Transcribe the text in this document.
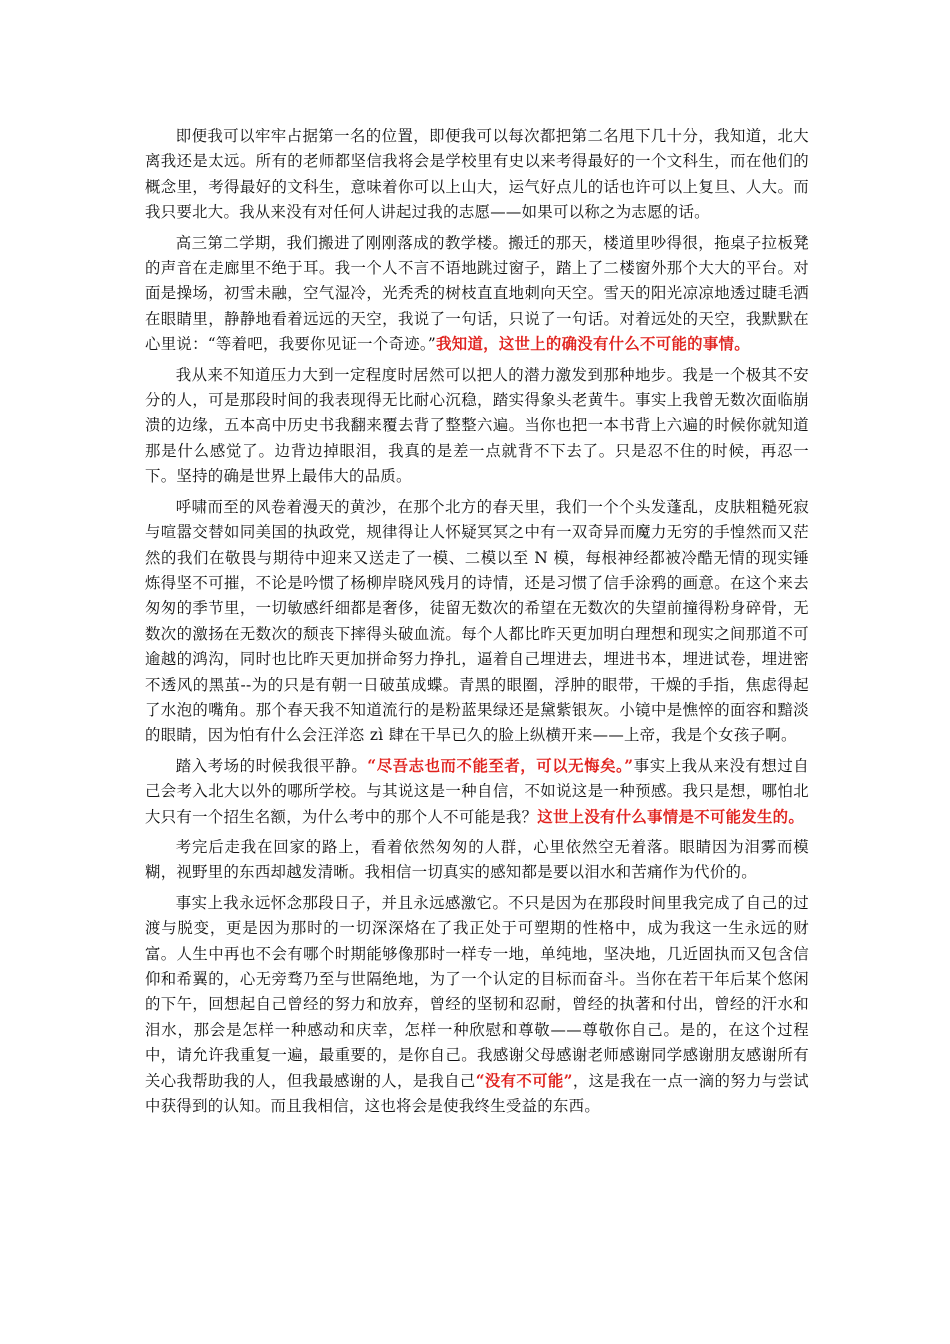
即便我可以牢牢占据第一名的位置，即便我可以每次都把第二名甩下几十分，我知道，北大离我还是太远。所有的老师都坚信我将会是学校里有史以来考得最好的一个文科生，而在他们的概念里，考得最好的文科生，意味着你可以上山大，运气好点儿的话也许可以上复旦、人大。而我只要北大。我从来没有对任何人讲起过我的志愿——如果可以称之为志愿的话。

高三第二学期，我们搬进了刚刚落成的教学楼。搬迁的那天，楼道里吵得很，拖桌子拉板凳的声音在走廊里不绝于耳。我一个人不言不语地跳过窗子，踏上了二楼窗外那个大大的平台。对面是操场，初雪未融，空气湿冷，光秃秃的树枝直直地刺向天空。雪天的阳光凉凉地透过睫毛洒在眼睛里，静静地看着远远的天空，我说了一句话，只说了一句话。对着远处的天空，我默默在心里说：“等着吧，我要你见证一个奇迹。”我知道，这世上的确没有什么不可能的事情。

我从来不知道压力大到一定程度时居然可以把人的潜力激发到那种地步。我是一个极其不安分的人，可是那段时间的我表现得无比耐心沉稳，踏实得象头老黄牛。事实上我曾无数次面临崩溃的边缘，五本高中历史书我翻来覆去背了整整六遍。当你也把一本书背上六遍的时候你就知道那是什么感觉了。边背边掉眼泪，我真的是差一点就背不下去了。只是忍不住的时候，再忍一下。坚持的确是世界上最伟大的品质。

呼啸而至的风卷着漫天的黄沙，在那个北方的春天里，我们一个个头发蓬乱，皮肤粗糙死寂与喧嚣交替如同美国的执政党，规律得让人怀疑冥冥之中有一双奇异而魔力无穷的手惶然而又茫然的我们在敬畏与期待中迎来又送走了一模、二模以至 N 模，每根神经都被冷酷无情的现实锤炼得坚不可摧，不论是吟惯了杨柳岸晓风残月的诗情，还是习惯了信手涂鸦的画意。在这个来去匆匆的季节里，一切敏感纤细都是奢侈，徒留无数次的希望在无数次的失望前撞得粉身碎骨，无数次的激扬在无数次的颓丧下摔得头破血流。每个人都比昨天更加明白理想和现实之间那道不可逾越的鸿沟，同时也比昨天更加拼命努力挣扎，逼着自己埋进去，埋进书本，埋进试卷，埋进密不透风的黑茧--为的只是有朝一日破茧成蝶。青黑的眼圈，浮肿的眼带，干燥的手指，焦虑得起了水泡的嘴角。那个春天我不知道流行的是粉蓝果绿还是黛紫银灰。小镜中是憔悴的面容和黯淡的眼睛，因为怕有什么会汪洋恣 zì 肆在干旱已久的脸上纵横开来——上帝，我是个女孩子啊。

踏入考场的时候我很平静。“尽吾志也而不能至者，可以无悔矣。”事实上我从来没有想过自己会考入北大以外的哪所学校。与其说这是一种自信，不如说这是一种预感。我只是想，哪怕北大只有一个招生名额，为什么考中的那个人不可能是我？这世上没有什么事情是不可能发生的。

考完后走我在回家的路上，看着依然匆匆的人群，心里依然空无着落。眼睛因为泪雾而模糊，视野里的东西却越发清晰。我相信一切真实的感知都是要以泪水和苦痛作为代价的。

事实上我永远怀念那段日子，并且永远感激它。不只是因为在那段时间里我完成了自己的过渡与脱变，更是因为那时的一切深深烙在了我正处于可塑期的性格中，成为我这一生永远的财富。人生中再也不会有哪个时期能够像那时一样专一地，单纯地，坚决地，几近固执而又包含信仰和希翼的，心无旁骛乃至与世隔绝地，为了一个认定的目标而奋斗。当你在若干年后某个悠闲的下午，回想起自己曾经的努力和放弃，曾经的坚韧和忍耐，曾经的执著和付出，曾经的汗水和泪水，那会是怎样一种感动和庆幸，怎样一种欣慰和尊敬——尊敬你自己。是的，在这个过程中，请允许我重复一遍，最重要的，是你自己。我感谢父母感谢老师感谢同学感谢朋友感谢所有关心我帮助我的人，但我最感谢的人，是我自己“没有不可能”，这是我在一点一滴的努力与尝试中获得到的认知。而且我相信，这也将会是使我终生受益的东西。
